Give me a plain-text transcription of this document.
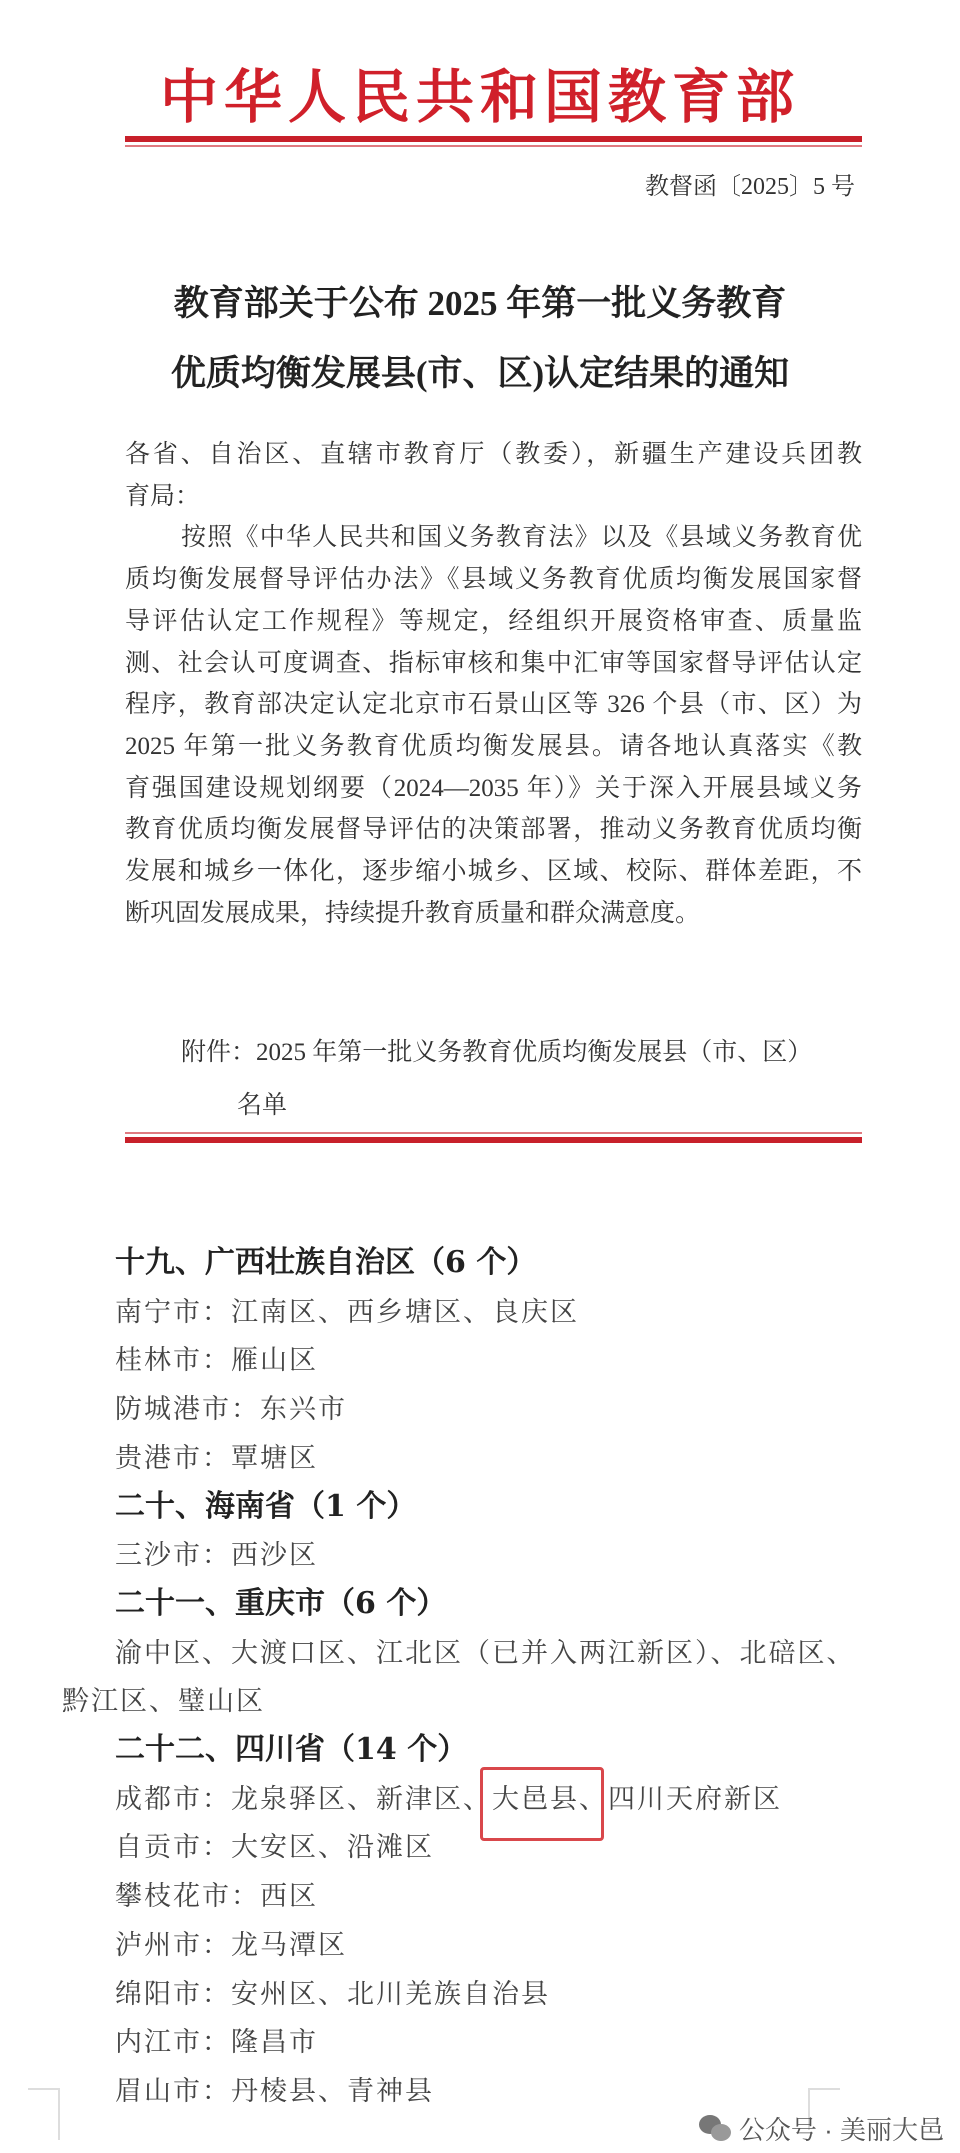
中华人民共和国教育部
教督函〔2025〕5 号
教育部关于公布 2025 年第一批义务教育
优质均衡发展县(市、区)认定结果的通知
各省、自治区、直辖市教育厅（教委），新疆生产建设兵团教
育局：
按照《中华人民共和国义务教育法》以及《县域义务教育优
质均衡发展督导评估办法》《县域义务教育优质均衡发展国家督
导评估认定工作规程》等规定，经组织开展资格审查、质量监
测、社会认可度调查、指标审核和集中汇审等国家督导评估认定
程序，教育部决定认定北京市石景山区等 326 个县（市、区）为
2025 年第一批义务教育优质均衡发展县。请各地认真落实《教
育强国建设规划纲要（2024—2035 年）》关于深入开展县域义务
教育优质均衡发展督导评估的决策部署，推动义务教育优质均衡
发展和城乡一体化，逐步缩小城乡、区域、校际、群体差距，不
断巩固发展成果，持续提升教育质量和群众满意度。
附件：2025 年第一批义务教育优质均衡发展县（市、区）
名单
十九、广西壮族自治区（6 个）
南宁市：江南区、西乡塘区、良庆区
桂林市：雁山区
防城港市：东兴市
贵港市：覃塘区
二十、海南省（1 个）
三沙市：西沙区
二十一、重庆市（6 个）
渝中区、大渡口区、江北区（已并入两江新区）、北碚区、
黔江区、璧山区
二十二、四川省（14 个）
成都市：龙泉驿区、新津区、大邑县、四川天府新区
自贡市：大安区、沿滩区
攀枝花市：西区
泸州市：龙马潭区
绵阳市：安州区、北川羌族自治县
内江市：隆昌市
眉山市：丹棱县、青神县
公众号 · 美丽大邑
